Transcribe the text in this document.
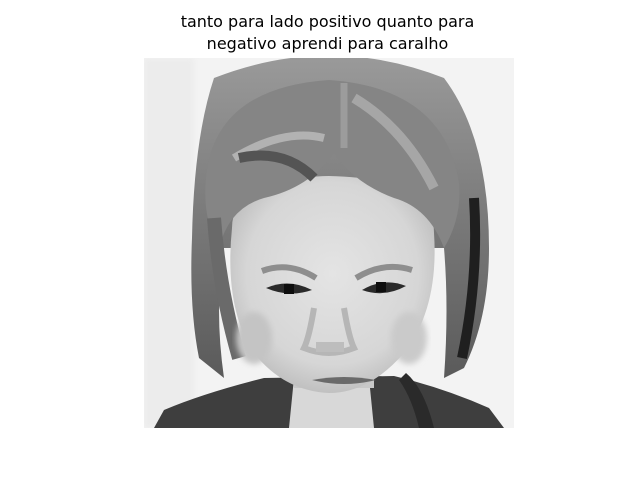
tanto para lado positivo quanto para
negativo aprendi para caralho
